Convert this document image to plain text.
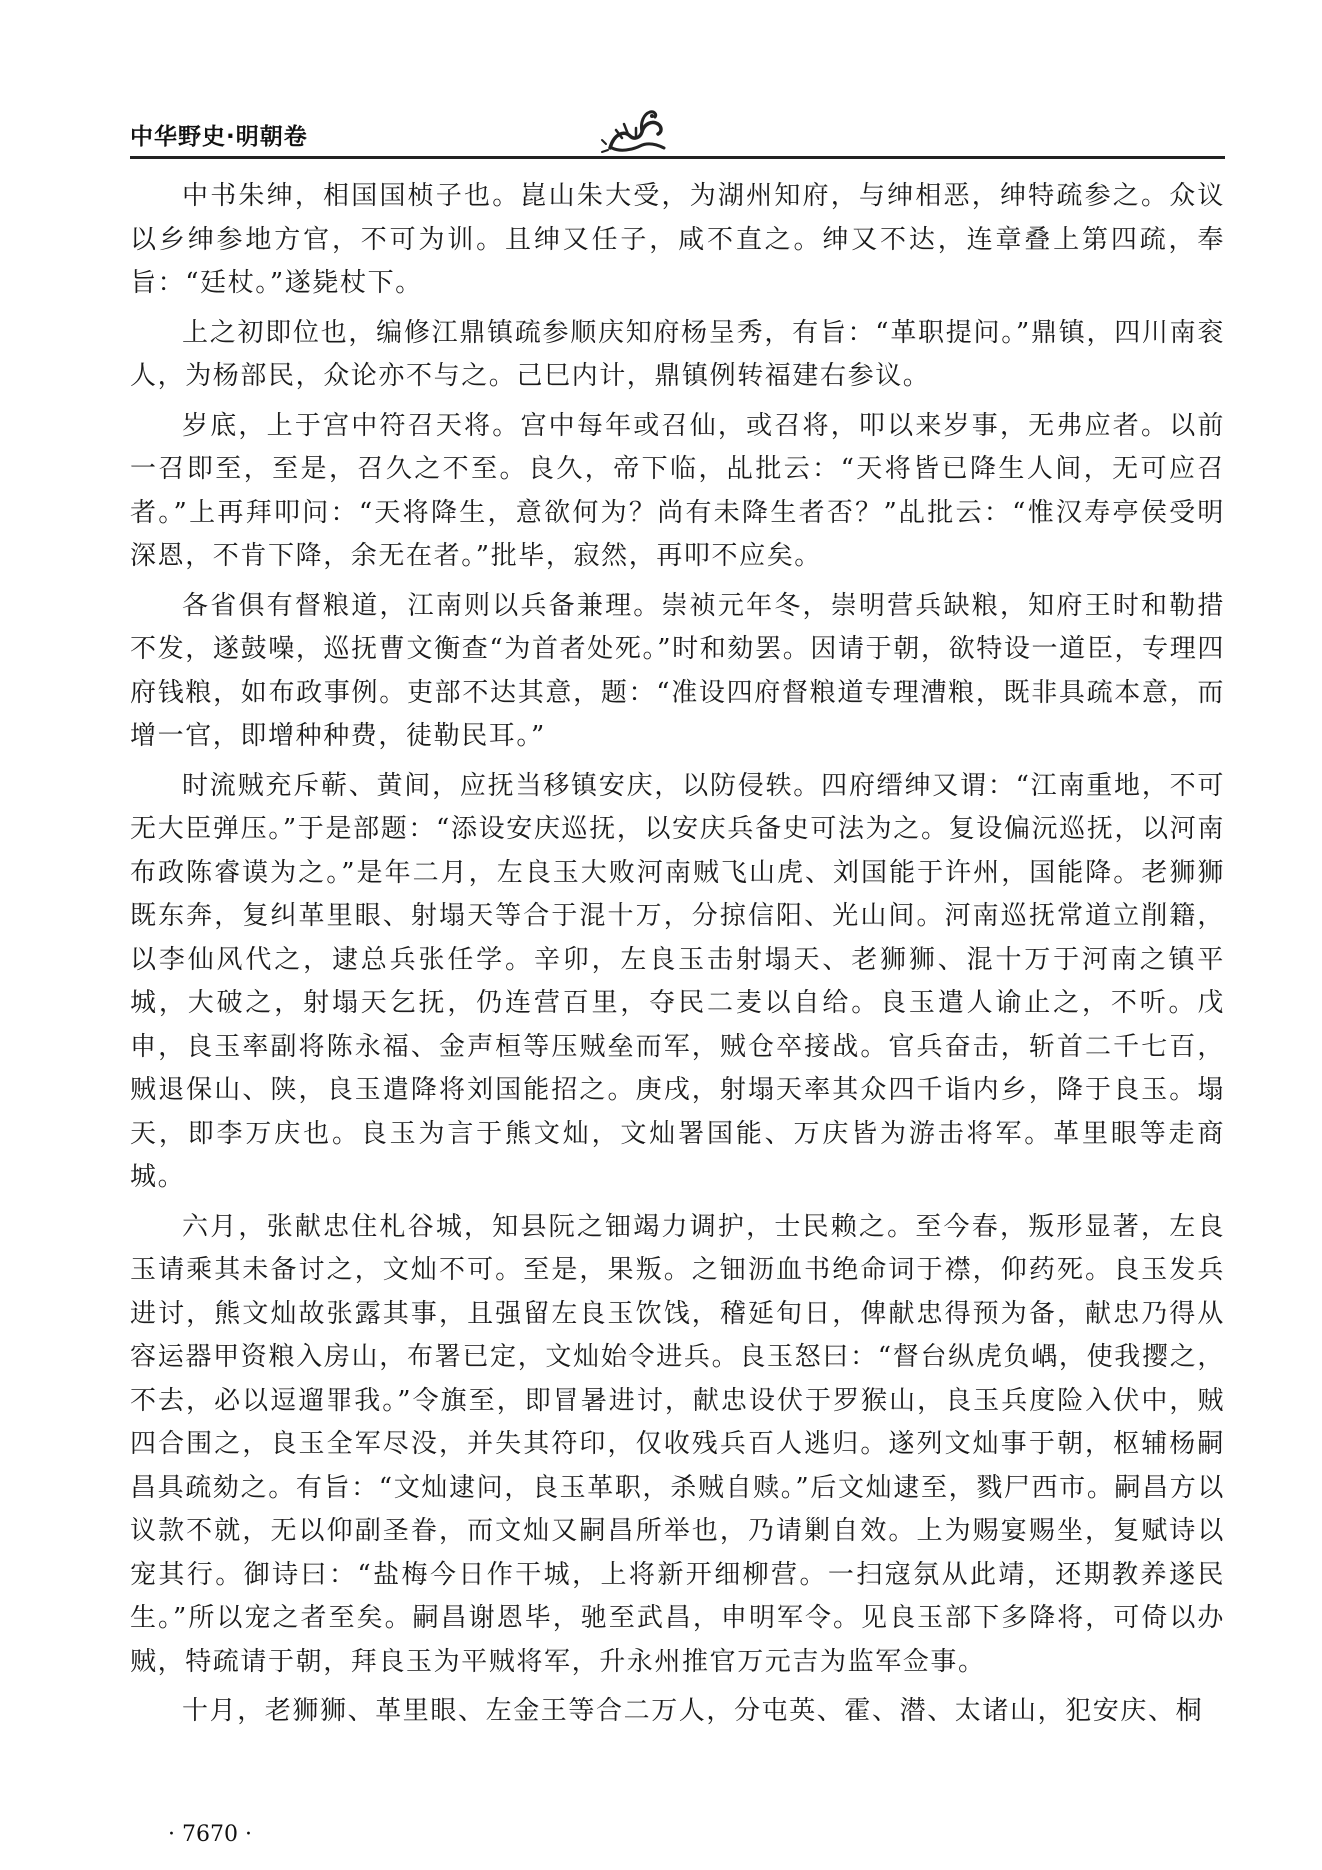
中华野史·明朝卷

中书朱绅，相国国桢子也。崑山朱大受，为湖州知府，与绅相恶，绅特疏参之。众议以乡绅参地方官，不可为训。且绅又任子，咸不直之。绅又不达，连章叠上第四疏，奉旨：“廷杖。”遂毙杖下。

上之初即位也，编修江鼎镇疏参顺庆知府杨呈秀，有旨：“革职提问。”鼎镇，四川南衮人，为杨部民，众论亦不与之。己巳内计，鼎镇例转福建右参议。

岁底，上于宫中符召天将。宫中每年或召仙，或召将，叩以来岁事，无弗应者。以前一召即至，至是，召久之不至。良久，帝下临，乩批云：“天将皆已降生人间，无可应召者。”上再拜叩问：“天将降生，意欲何为？尚有未降生者否？”乩批云：“惟汉寿亭侯受明深恩，不肯下降，余无在者。”批毕，寂然，再叩不应矣。

各省俱有督粮道，江南则以兵备兼理。崇祯元年冬，崇明营兵缺粮，知府王时和勒措不发，遂鼓噪，巡抚曹文衡查“为首者处死。”时和劾罢。因请于朝，欲特设一道臣，专理四府钱粮，如布政事例。吏部不达其意，题：“准设四府督粮道专理漕粮，既非具疏本意，而增一官，即增种种费，徒勒民耳。”

时流贼充斥蕲、黄间，应抚当移镇安庆，以防侵轶。四府缙绅又谓：“江南重地，不可无大臣弹压。”于是部题：“添设安庆巡抚，以安庆兵备史可法为之。复设偏沅巡抚，以河南布政陈睿谟为之。”是年二月，左良玉大败河南贼飞山虎、刘国能于许州，国能降。老狮狮既东奔，复纠革里眼、射塌天等合于混十万，分掠信阳、光山间。河南巡抚常道立削籍，以李仙风代之，逮总兵张任学。辛卯，左良玉击射塌天、老狮狮、混十万于河南之镇平城，大破之，射塌天乞抚，仍连营百里，夺民二麦以自给。良玉遣人谕止之，不听。戊申，良玉率副将陈永福、金声桓等压贼垒而军，贼仓卒接战。官兵奋击，斩首二千七百，贼退保山、陕，良玉遣降将刘国能招之。庚戌，射塌天率其众四千诣内乡，降于良玉。塌天，即李万庆也。良玉为言于熊文灿，文灿署国能、万庆皆为游击将军。革里眼等走商城。

六月，张献忠住札谷城，知县阮之钿竭力调护，士民赖之。至今春，叛形显著，左良玉请乘其未备讨之，文灿不可。至是，果叛。之钿沥血书绝命词于襟，仰药死。良玉发兵进讨，熊文灿故张露其事，且强留左良玉饮饯，稽延旬日，俾献忠得预为备，献忠乃得从容运器甲资粮入房山，布署已定，文灿始令进兵。良玉怒曰：“督台纵虎负嵎，使我撄之，不去，必以逗遛罪我。”令旗至，即冒暑进讨，献忠设伏于罗猴山，良玉兵度险入伏中，贼四合围之，良玉全军尽没，并失其符印，仅收残兵百人逃归。遂列文灿事于朝，枢辅杨嗣昌具疏劾之。有旨：“文灿逮问，良玉革职，杀贼自赎。”后文灿逮至，戮尸西市。嗣昌方以议款不就，无以仰副圣眷，而文灿又嗣昌所举也，乃请剿自效。上为赐宴赐坐，复赋诗以宠其行。御诗曰：“盐梅今日作干城，上将新开细柳营。一扫寇氛从此靖，还期教养遂民生。”所以宠之者至矣。嗣昌谢恩毕，驰至武昌，申明军令。见良玉部下多降将，可倚以办贼，特疏请于朝，拜良玉为平贼将军，升永州推官万元吉为监军佥事。

十月，老狮狮、革里眼、左金王等合二万人，分屯英、霍、潜、太诸山，犯安庆、桐

· 7670 ·
